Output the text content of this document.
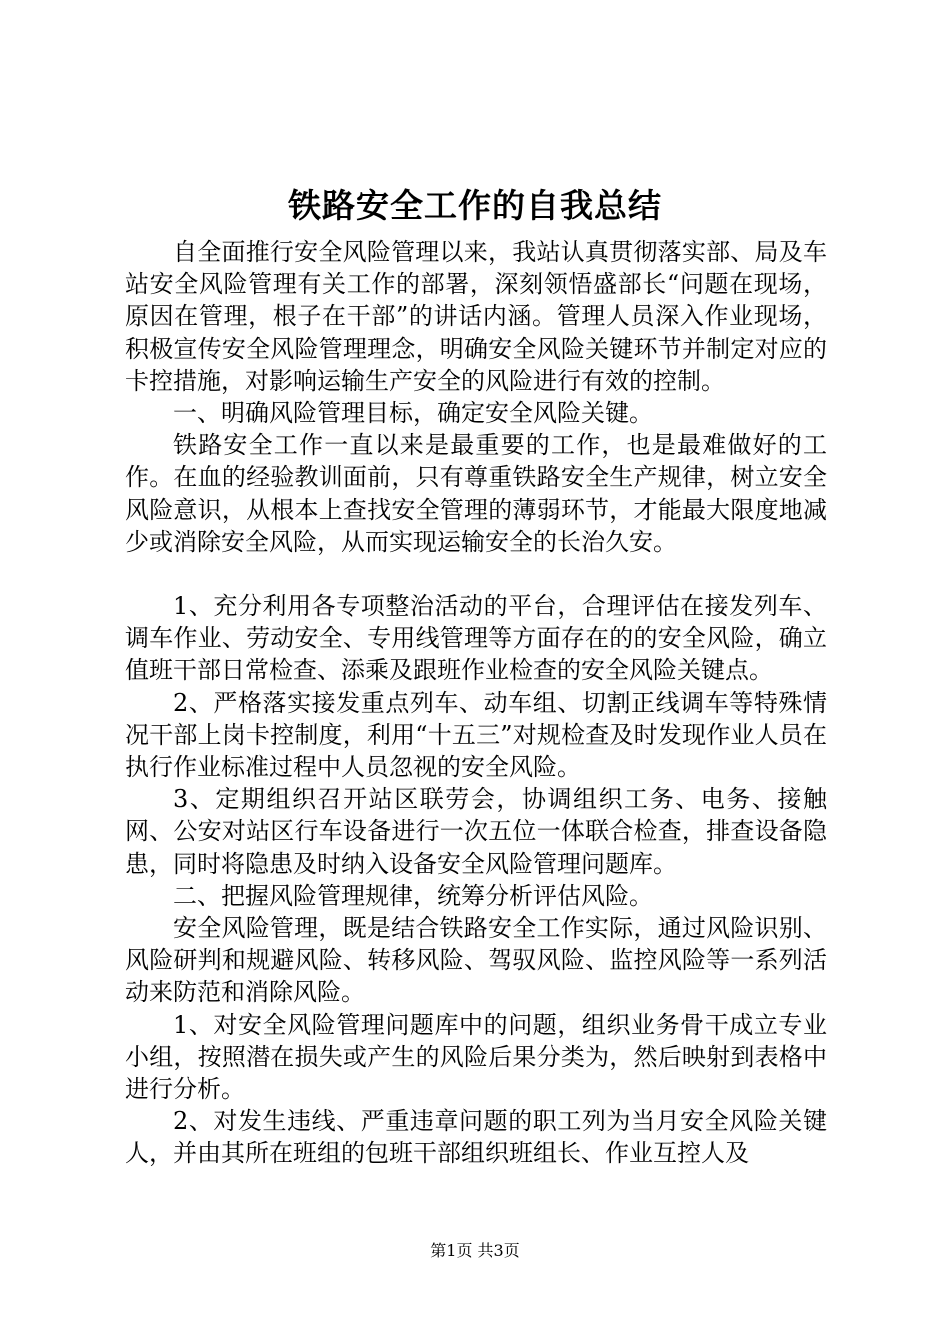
铁路安全工作的自我总结

自全面推行安全风险管理以来，我站认真贯彻落实部、局及车站安全风险管理有关工作的部署，深刻领悟盛部长“问题在现场，原因在管理，根子在干部”的讲话内涵。管理人员深入作业现场，积极宣传安全风险管理理念，明确安全风险关键环节并制定对应的卡控措施，对影响运输生产安全的风险进行有效的控制。

一、明确风险管理目标，确定安全风险关键。

铁路安全工作一直以来是最重要的工作，也是最难做好的工作。在血的经验教训面前，只有尊重铁路安全生产规律，树立安全风险意识，从根本上查找安全管理的薄弱环节，才能最大限度地减少或消除安全风险，从而实现运输安全的长治久安。

1、充分利用各专项整治活动的平台，合理评估在接发列车、调车作业、劳动安全、专用线管理等方面存在的的安全风险，确立值班干部日常检查、添乘及跟班作业检查的安全风险关键点。

2、严格落实接发重点列车、动车组、切割正线调车等特殊情况干部上岗卡控制度，利用“十五三”对规检查及时发现作业人员在执行作业标准过程中人员忽视的安全风险。

3、定期组织召开站区联劳会，协调组织工务、电务、接触网、公安对站区行车设备进行一次五位一体联合检查，排查设备隐患，同时将隐患及时纳入设备安全风险管理问题库。

二、把握风险管理规律，统筹分析评估风险。

安全风险管理，既是结合铁路安全工作实际，通过风险识别、风险研判和规避风险、转移风险、驾驭风险、监控风险等一系列活动来防范和消除风险。

1、对安全风险管理问题库中的问题，组织业务骨干成立专业小组，按照潜在损失或产生的风险后果分类为，然后映射到表格中进行分析。

2、对发生违线、严重违章问题的职工列为当月安全风险关键人，并由其所在班组的包班干部组织班组长、作业互控人及

第1页 共3页
